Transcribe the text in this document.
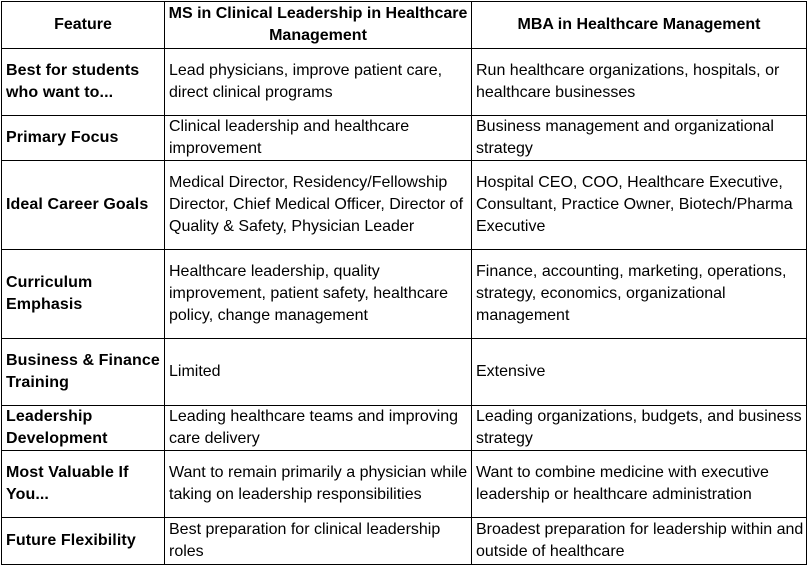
Feature	MS in Clinical Leadership in Healthcare Management	MBA in Healthcare Management
Best for students who want to...	Lead physicians, improve patient care, direct clinical programs	Run healthcare organizations, hospitals, or healthcare businesses
Primary Focus	Clinical leadership and healthcare improvement	Business management and organizational strategy
Ideal Career Goals	Medical Director, Residency/Fellowship Director, Chief Medical Officer, Director of Quality & Safety, Physician Leader	Hospital CEO, COO, Healthcare Executive, Consultant, Practice Owner, Biotech/Pharma Executive
Curriculum Emphasis	Healthcare leadership, quality improvement, patient safety, healthcare policy, change management	Finance, accounting, marketing, operations, strategy, economics, organizational management
Business & Finance Training	Limited	Extensive
Leadership Development	Leading healthcare teams and improving care delivery	Leading organizations, budgets, and business strategy
Most Valuable If You...	Want to remain primarily a physician while taking on leadership responsibilities	Want to combine medicine with executive leadership or healthcare administration
Future Flexibility	Best preparation for clinical leadership roles	Broadest preparation for leadership within and outside of healthcare
